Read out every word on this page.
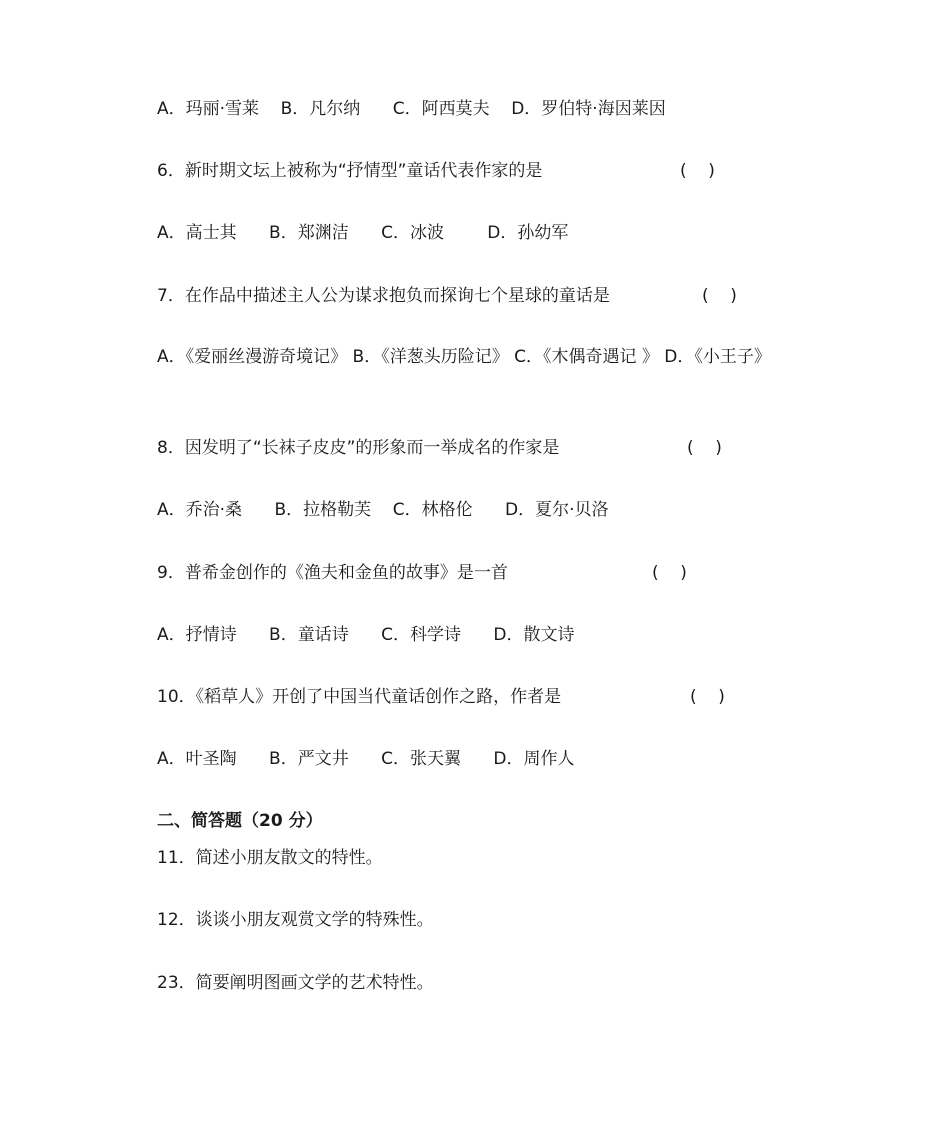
A．玛丽·雪莱    B．凡尔纳      C．阿西莫夫    D．罗伯特·海因莱因
6．新时期文坛上被称为“抒情型”童话代表作家的是	(    )
A．高士其      B．郑渊洁      C．冰波        D．孙幼军
7．在作品中描述主人公为谋求抱负而探询七个星球的童话是	(    )
A．《爱丽丝漫游奇境记》 B．《洋葱头历险记》 C．《木偶奇遇记 》 D．《小王子》
8．因发明了“长袜子皮皮”的形象而一举成名的作家是	(    )
A．乔治·桑      B．拉格勒芙    C．林格伦      D．夏尔·贝洛
9．普希金创作的《渔夫和金鱼的故事》是一首	(    )
A．抒情诗      B．童话诗      C．科学诗      D．散文诗
10．《稻草人》开创了中国当代童话创作之路，作者是	(    )
A．叶圣陶      B．严文井      C．张天翼      D．周作人
二、简答题（20 分）
11．简述小朋友散文的特性。
12．谈谈小朋友观赏文学的特殊性。
23．简要阐明图画文学的艺术特性。
